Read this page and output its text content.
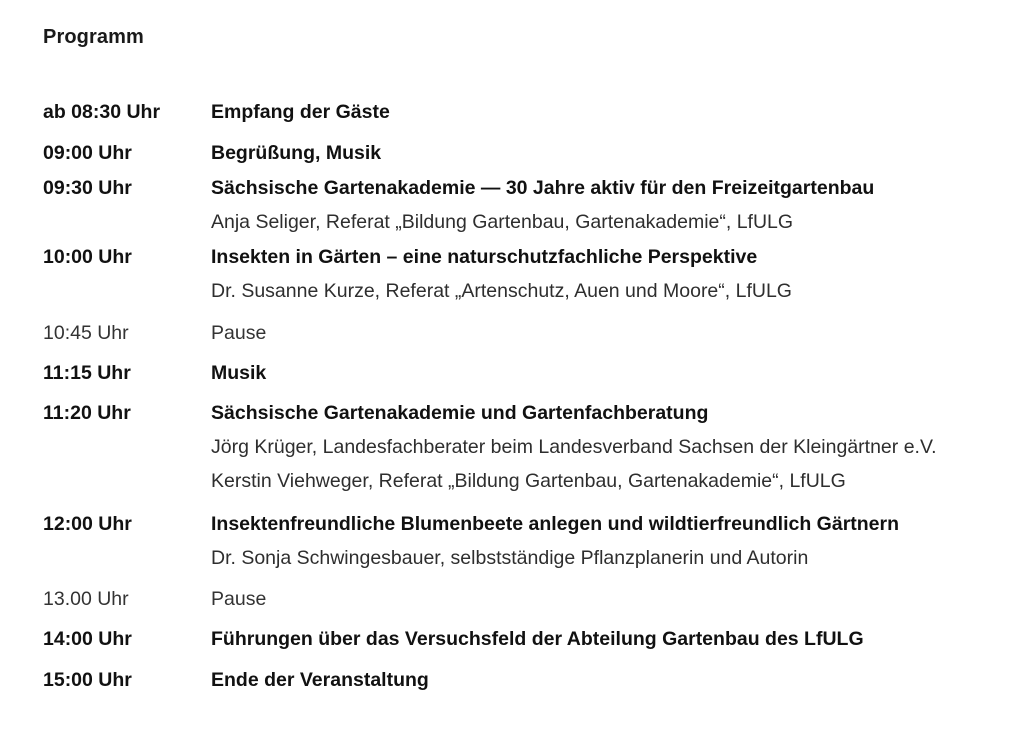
Programm
ab 08:30 Uhr	Empfang der Gäste
09:00 Uhr	Begrüßung, Musik
09:30 Uhr	Sächsische Gartenakademie — 30 Jahre aktiv für den Freizeitgartenbau
Anja Seliger, Referat „Bildung Gartenbau, Gartenakademie“, LfULG
10:00 Uhr	Insekten in Gärten – eine naturschutzfachliche Perspektive
Dr. Susanne Kurze, Referat „Artenschutz, Auen und Moore“, LfULG
10:45 Uhr	Pause
11:15 Uhr	Musik
11:20 Uhr	Sächsische Gartenakademie und Gartenfachberatung
Jörg Krüger, Landesfachberater beim Landesverband Sachsen der Kleingärtner e.V.
Kerstin Viehweger, Referat „Bildung Gartenbau, Gartenakademie“, LfULG
12:00 Uhr	Insektenfreundliche Blumenbeete anlegen und wildtierfreundlich Gärtnern
Dr. Sonja Schwingesbauer, selbstständige Pflanzplanerin und Autorin
13.00 Uhr	Pause
14:00 Uhr	Führungen über das Versuchsfeld der Abteilung Gartenbau des LfULG
15:00 Uhr	Ende der Veranstaltung
